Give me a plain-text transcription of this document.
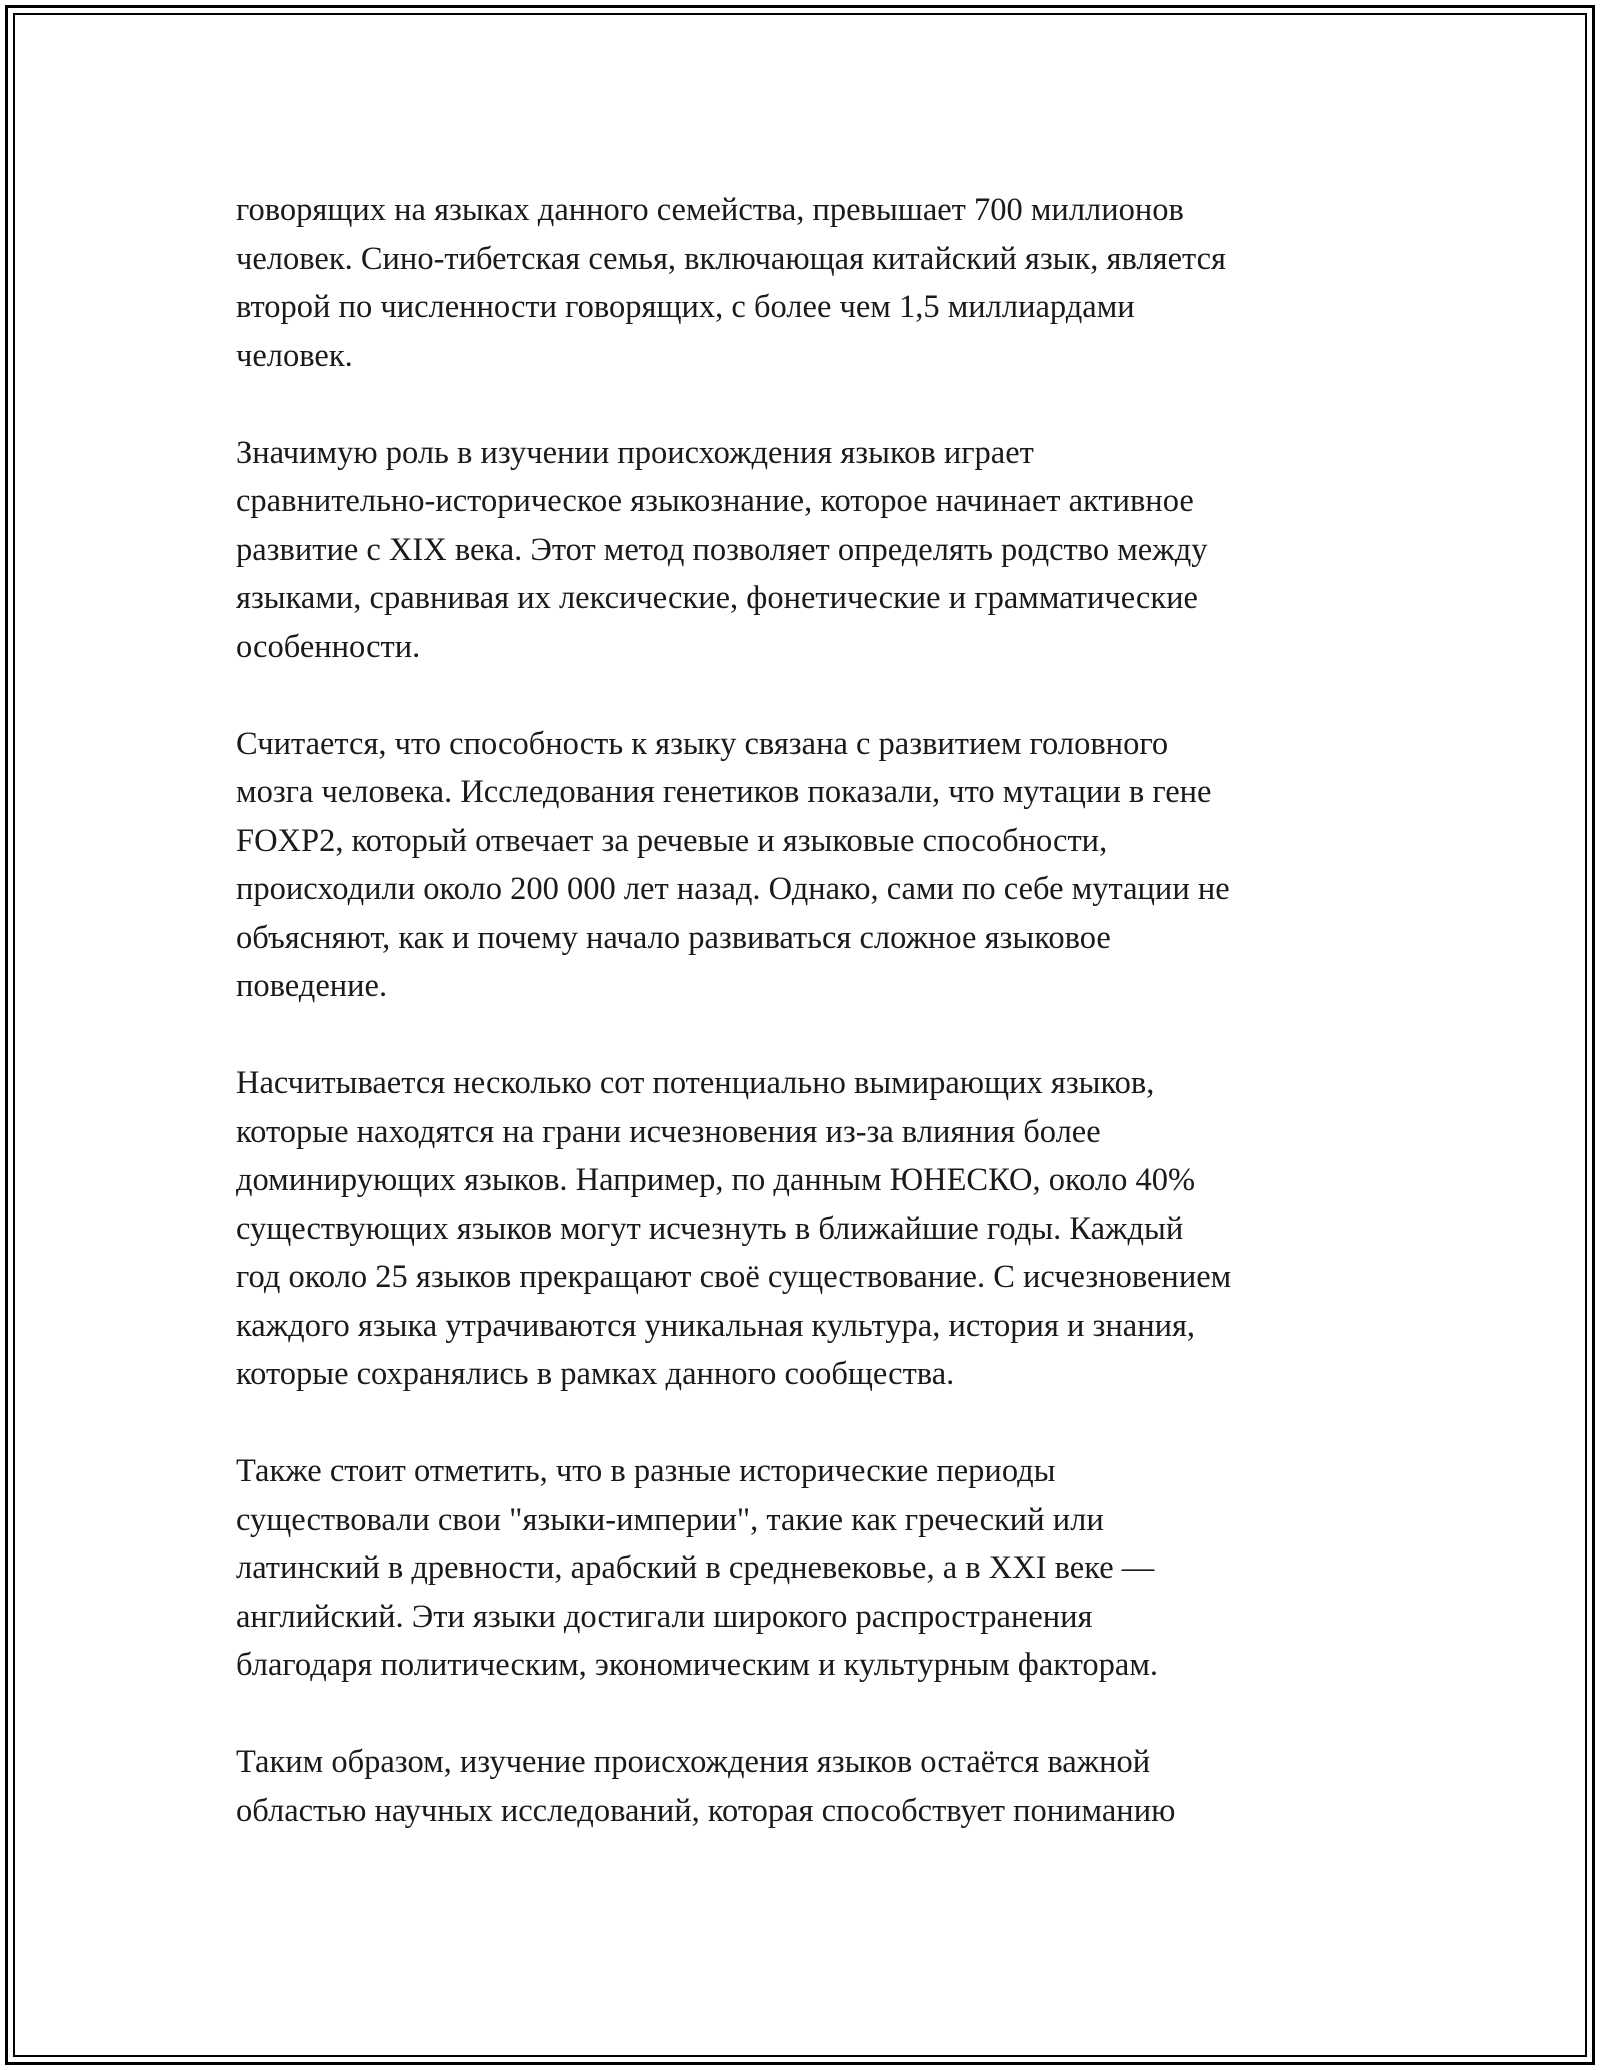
говорящих на языках данного семейства, превышает 700 миллионов
человек. Сино-тибетская семья, включающая китайский язык, является
второй по численности говорящих, с более чем 1,5 миллиардами
человек.

Значимую роль в изучении происхождения языков играет
сравнительно-историческое языкознание, которое начинает активное
развитие с XIX века. Этот метод позволяет определять родство между
языками, сравнивая их лексические, фонетические и грамматические
особенности.

Считается, что способность к языку связана с развитием головного
мозга человека. Исследования генетиков показали, что мутации в гене
FOXP2, который отвечает за речевые и языковые способности,
происходили около 200 000 лет назад. Однако, сами по себе мутации не
объясняют, как и почему начало развиваться сложное языковое
поведение.

Насчитывается несколько сот потенциально вымирающих языков,
которые находятся на грани исчезновения из-за влияния более
доминирующих языков. Например, по данным ЮНЕСКО, около 40%
существующих языков могут исчезнуть в ближайшие годы. Каждый
год около 25 языков прекращают своё существование. С исчезновением
каждого языка утрачиваются уникальная культура, история и знания,
которые сохранялись в рамках данного сообщества.

Также стоит отметить, что в разные исторические периоды
существовали свои "языки-империи", такие как греческий или
латинский в древности, арабский в средневековье, а в XXI веке —
английский. Эти языки достигали широкого распространения
благодаря политическим, экономическим и культурным факторам.

Таким образом, изучение происхождения языков остаётся важной
областью научных исследований, которая способствует пониманию
